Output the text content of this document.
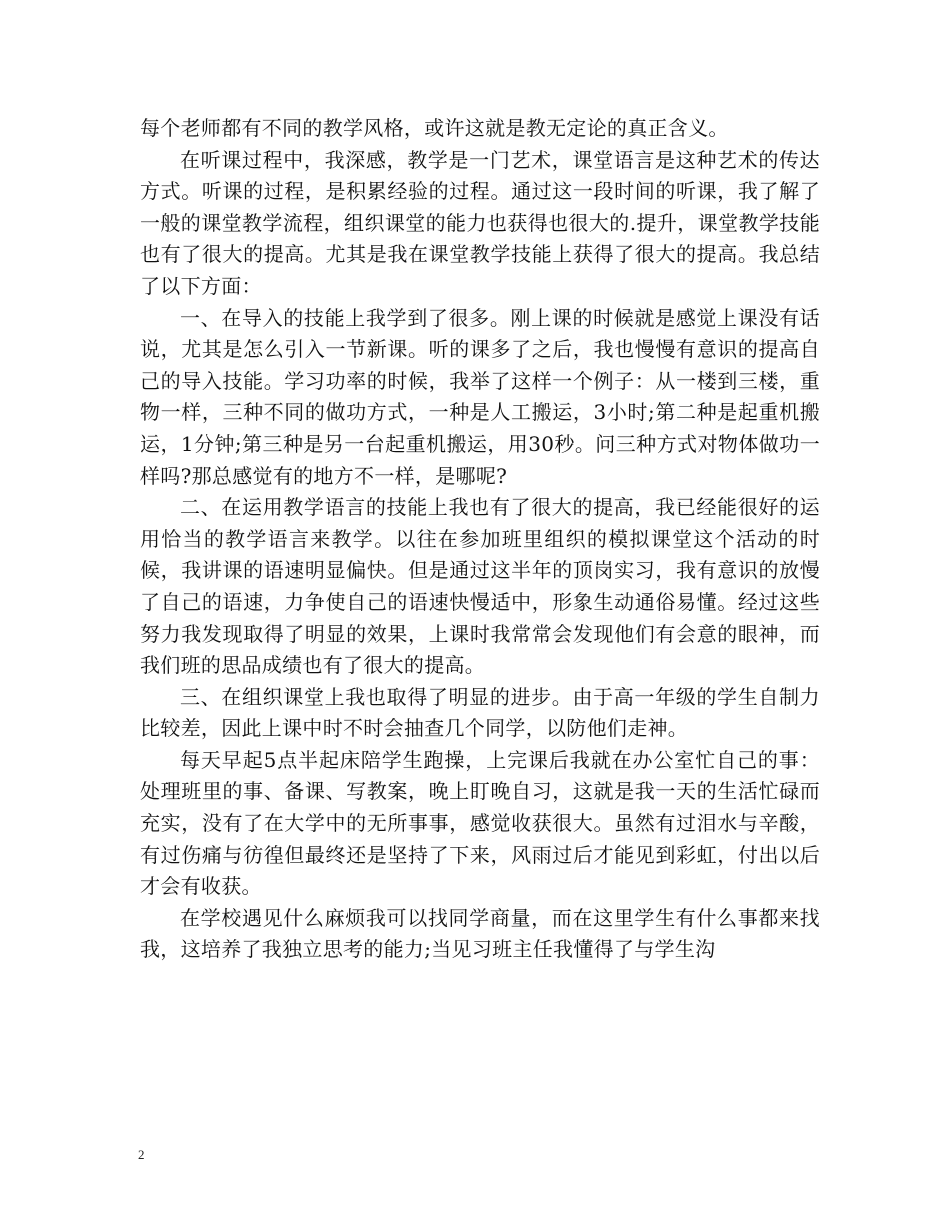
每个老师都有不同的教学风格，或许这就是教无定论的真正含义。

在听课过程中，我深感，教学是一门艺术，课堂语言是这种艺术的传达方式。听课的过程，是积累经验的过程。通过这一段时间的听课，我了解了一般的课堂教学流程，组织课堂的能力也获得也很大的.提升，课堂教学技能也有了很大的提高。尤其是我在课堂教学技能上获得了很大的提高。我总结了以下方面：

一、在导入的技能上我学到了很多。刚上课的时候就是感觉上课没有话说，尤其是怎么引入一节新课。听的课多了之后，我也慢慢有意识的提高自己的导入技能。学习功率的时候，我举了这样一个例子：从一楼到三楼，重物一样，三种不同的做功方式，一种是人工搬运，3小时;第二种是起重机搬运，1分钟;第三种是另一台起重机搬运，用30秒。问三种方式对物体做功一样吗?那总感觉有的地方不一样，是哪呢?

二、在运用教学语言的技能上我也有了很大的提高，我已经能很好的运用恰当的教学语言来教学。以往在参加班里组织的模拟课堂这个活动的时候，我讲课的语速明显偏快。但是通过这半年的顶岗实习，我有意识的放慢了自己的语速，力争使自己的语速快慢适中，形象生动通俗易懂。经过这些努力我发现取得了明显的效果，上课时我常常会发现他们有会意的眼神，而我们班的思品成绩也有了很大的提高。

三、在组织课堂上我也取得了明显的进步。由于高一年级的学生自制力比较差，因此上课中时不时会抽查几个同学，以防他们走神。

每天早起5点半起床陪学生跑操，上完课后我就在办公室忙自己的事：处理班里的事、备课、写教案，晚上盯晚自习，这就是我一天的生活忙碌而充实，没有了在大学中的无所事事，感觉收获很大。虽然有过泪水与辛酸，有过伤痛与彷徨但最终还是坚持了下来，风雨过后才能见到彩虹，付出以后才会有收获。

在学校遇见什么麻烦我可以找同学商量，而在这里学生有什么事都来找我，这培养了我独立思考的能力;当见习班主任我懂得了与学生沟

2
